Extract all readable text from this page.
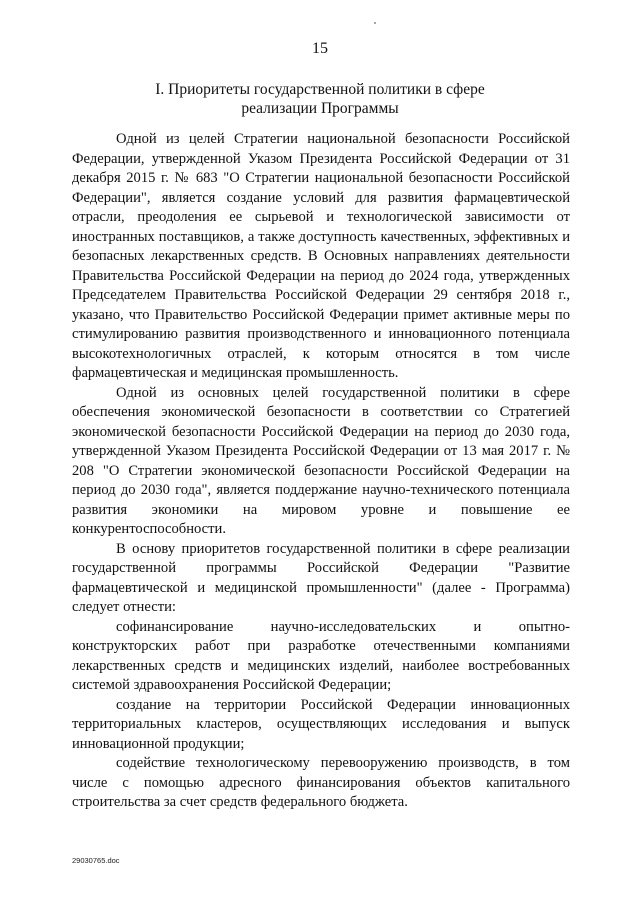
15
I. Приоритеты государственной политики в сфере
реализации Программы

Одной из целей Стратегии национальной безопасности Российской Федерации, утвержденной Указом Президента Российской Федерации от 31 декабря 2015 г. № 683 "О Стратегии национальной безопасности Российской Федерации", является создание условий для развития фармацевтической отрасли, преодоления ее сырьевой и технологической зависимости от иностранных поставщиков, а также доступность качественных, эффективных и безопасных лекарственных средств. В Основных направлениях деятельности Правительства Российской Федерации на период до 2024 года, утвержденных Председателем Правительства Российской Федерации 29 сентября 2018 г., указано, что Правительство Российской Федерации примет активные меры по стимулированию развития производственного и инновационного потенциала высокотехнологичных отраслей, к которым относятся в том числе фармацевтическая и медицинская промышленность.

Одной из основных целей государственной политики в сфере обеспечения экономической безопасности в соответствии со Стратегией экономической безопасности Российской Федерации на период до 2030 года, утвержденной Указом Президента Российской Федерации от 13 мая 2017 г. № 208 "О Стратегии экономической безопасности Российской Федерации на период до 2030 года", является поддержание научно-технического потенциала развития экономики на мировом уровне и повышение ее конкурентоспособности.

В основу приоритетов государственной политики в сфере реализации государственной программы Российской Федерации "Развитие фармацевтической и медицинской промышленности" (далее - Программа) следует отнести:

софинансирование научно-исследовательских и опытно-конструкторских работ при разработке отечественными компаниями лекарственных средств и медицинских изделий, наиболее востребованных системой здравоохранения Российской Федерации;

создание на территории Российской Федерации инновационных территориальных кластеров, осуществляющих исследования и выпуск инновационной продукции;

содействие технологическому перевооружению производств, в том числе с помощью адресного финансирования объектов капитального строительства за счет средств федерального бюджета.

29030765.doc
